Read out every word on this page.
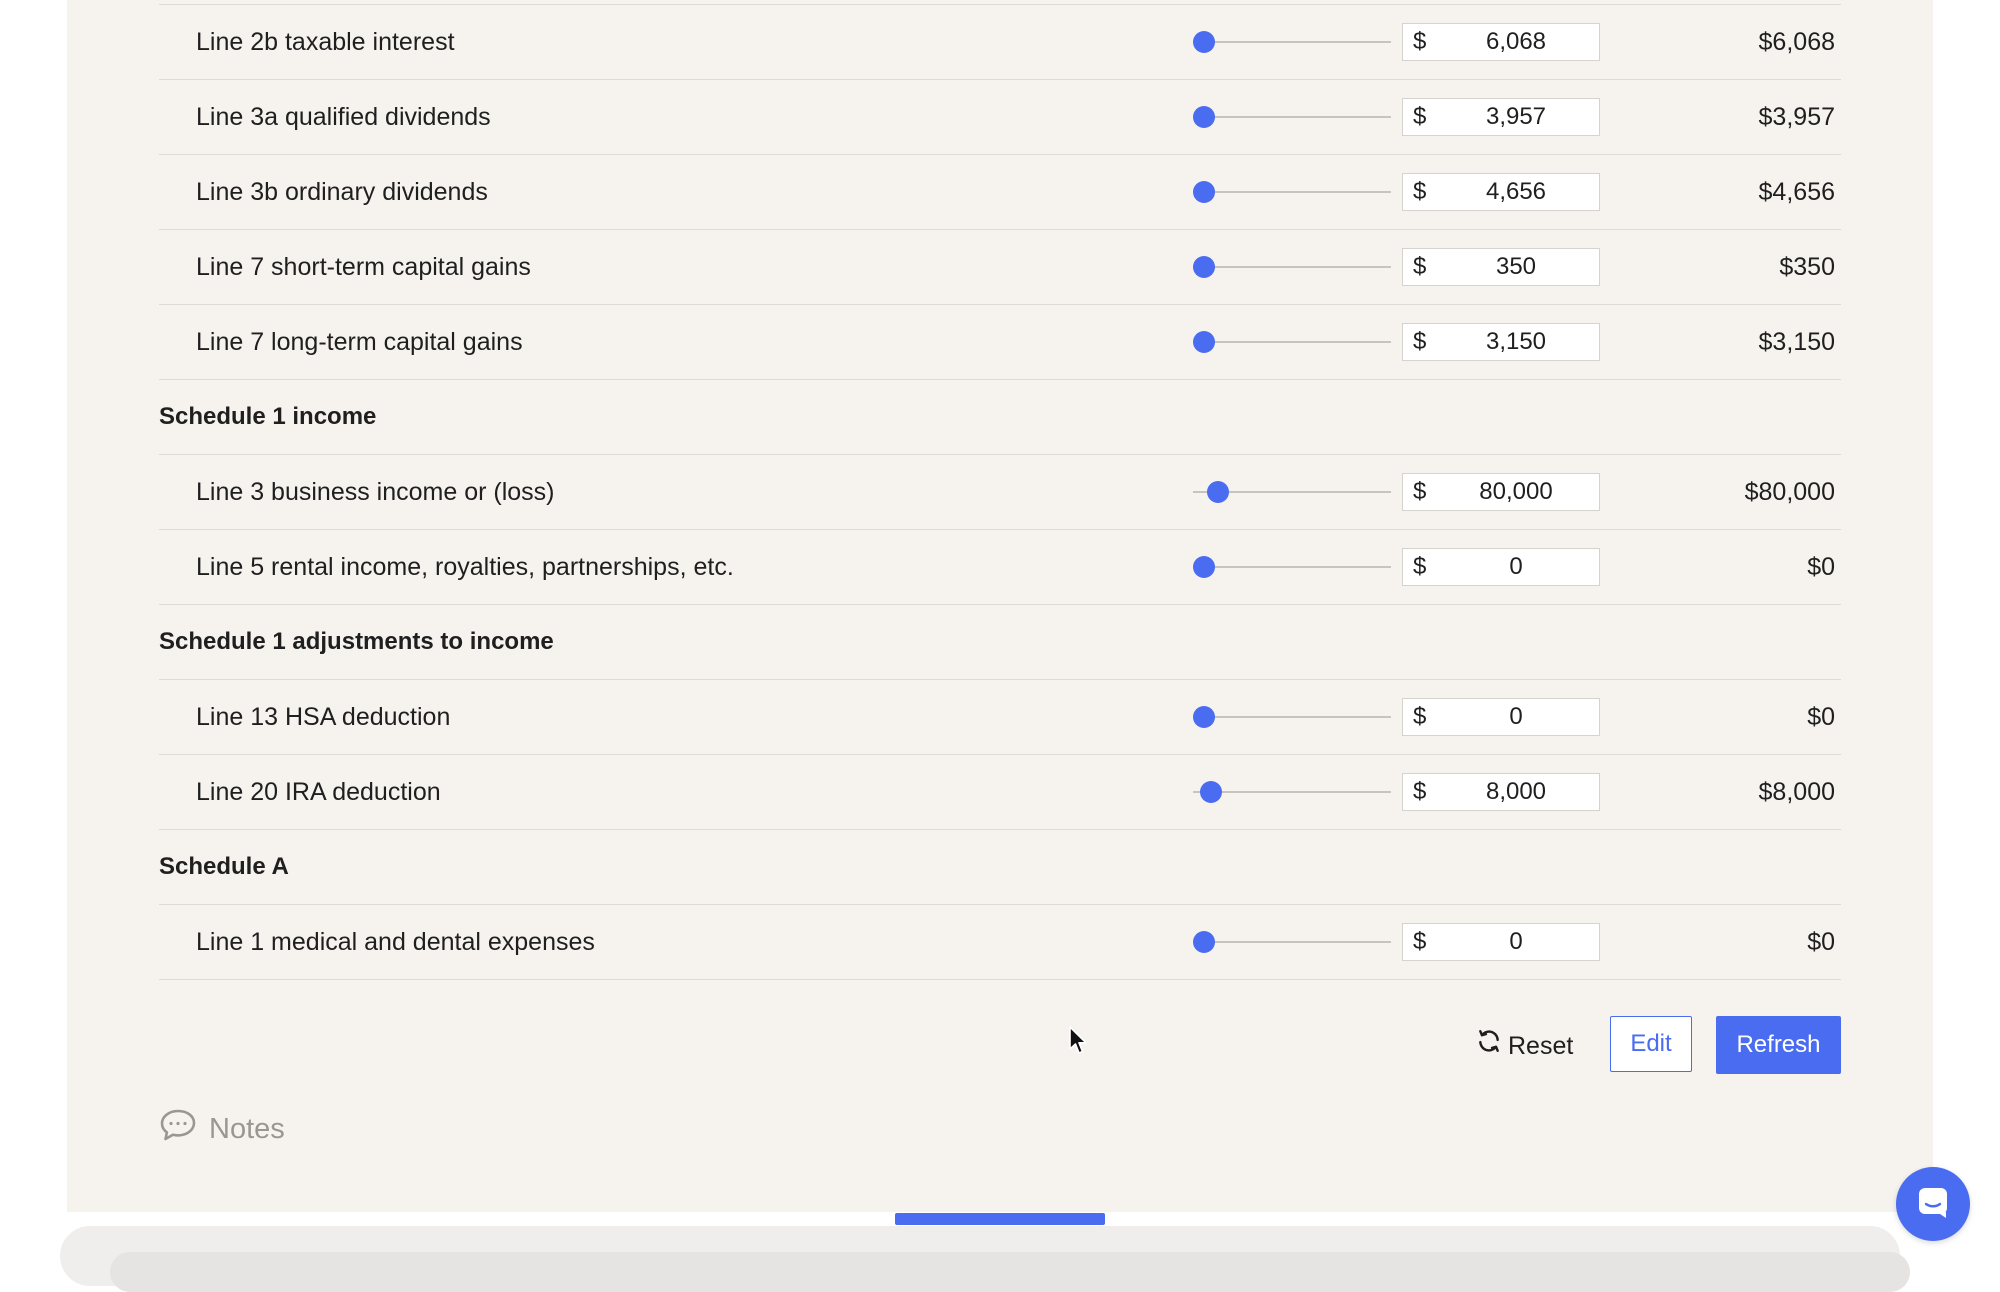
Line 2b taxable interest	$	6,068	$6,068
Line 3a qualified dividends	$	3,957	$3,957
Line 3b ordinary dividends	$	4,656	$4,656
Line 7 short-term capital gains	$	350	$350
Line 7 long-term capital gains	$	3,150	$3,150
Schedule 1 income
Line 3 business income or (loss)	$	80,000	$80,000
Line 5 rental income, royalties, partnerships, etc.	$	0	$0
Schedule 1 adjustments to income
Line 13 HSA deduction	$	0	$0
Line 20 IRA deduction	$	8,000	$8,000
Schedule A
Line 1 medical and dental expenses	$	0	$0
Reset	Edit	Refresh
Notes
